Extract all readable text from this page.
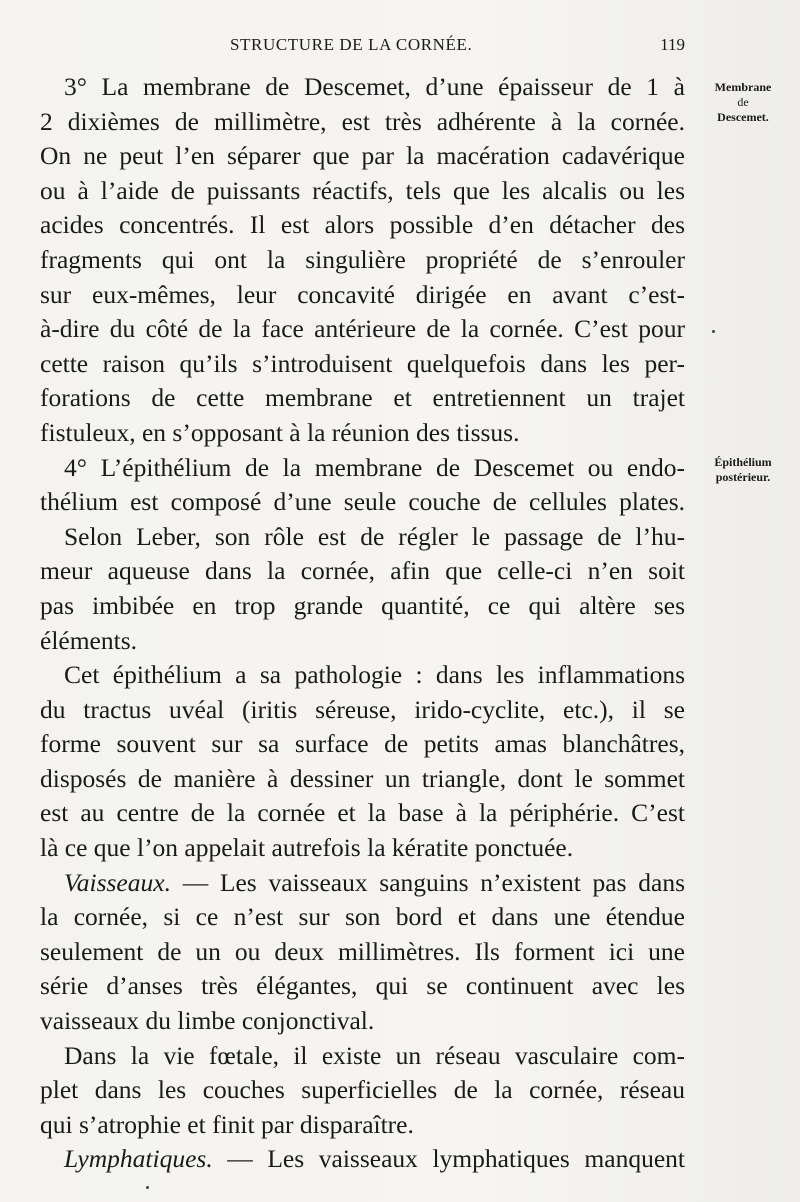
STRUCTURE DE LA CORNÉE.	119
Membrane
de
Descemet.
Épithélium
postérieur.
3° La membrane de Descemet, d’une épaisseur de 1 à
2 dixièmes de millimètre, est très adhérente à la cornée.
On ne peut l’en séparer que par la macération cadavérique
ou à l’aide de puissants réactifs, tels que les alcalis ou les
acides concentrés. Il est alors possible d’en détacher des
fragments qui ont la singulière propriété de s’enrouler
sur eux-mêmes, leur concavité dirigée en avant c’est-
à-dire du côté de la face antérieure de la cornée. C’est pour
cette raison qu’ils s’introduisent quelquefois dans les per-
forations de cette membrane et entretiennent un trajet
fistuleux, en s’opposant à la réunion des tissus.
4° L’épithélium de la membrane de Descemet ou endo-
thélium est composé d’une seule couche de cellules plates.
Selon Leber, son rôle est de régler le passage de l’hu-
meur aqueuse dans la cornée, afin que celle-ci n’en soit
pas imbibée en trop grande quantité, ce qui altère ses
éléments.
Cet épithélium a sa pathologie : dans les inflammations
du tractus uvéal (iritis séreuse, irido-cyclite, etc.), il se
forme souvent sur sa surface de petits amas blanchâtres,
disposés de manière à dessiner un triangle, dont le sommet
est au centre de la cornée et la base à la périphérie. C’est
là ce que l’on appelait autrefois la kératite ponctuée.
Vaisseaux. — Les vaisseaux sanguins n’existent pas dans
la cornée, si ce n’est sur son bord et dans une étendue
seulement de un ou deux millimètres. Ils forment ici une
série d’anses très élégantes, qui se continuent avec les
vaisseaux du limbe conjonctival.
Dans la vie fœtale, il existe un réseau vasculaire com-
plet dans les couches superficielles de la cornée, réseau
qui s’atrophie et finit par disparaître.
Lymphatiques. — Les vaisseaux lymphatiques manquent
